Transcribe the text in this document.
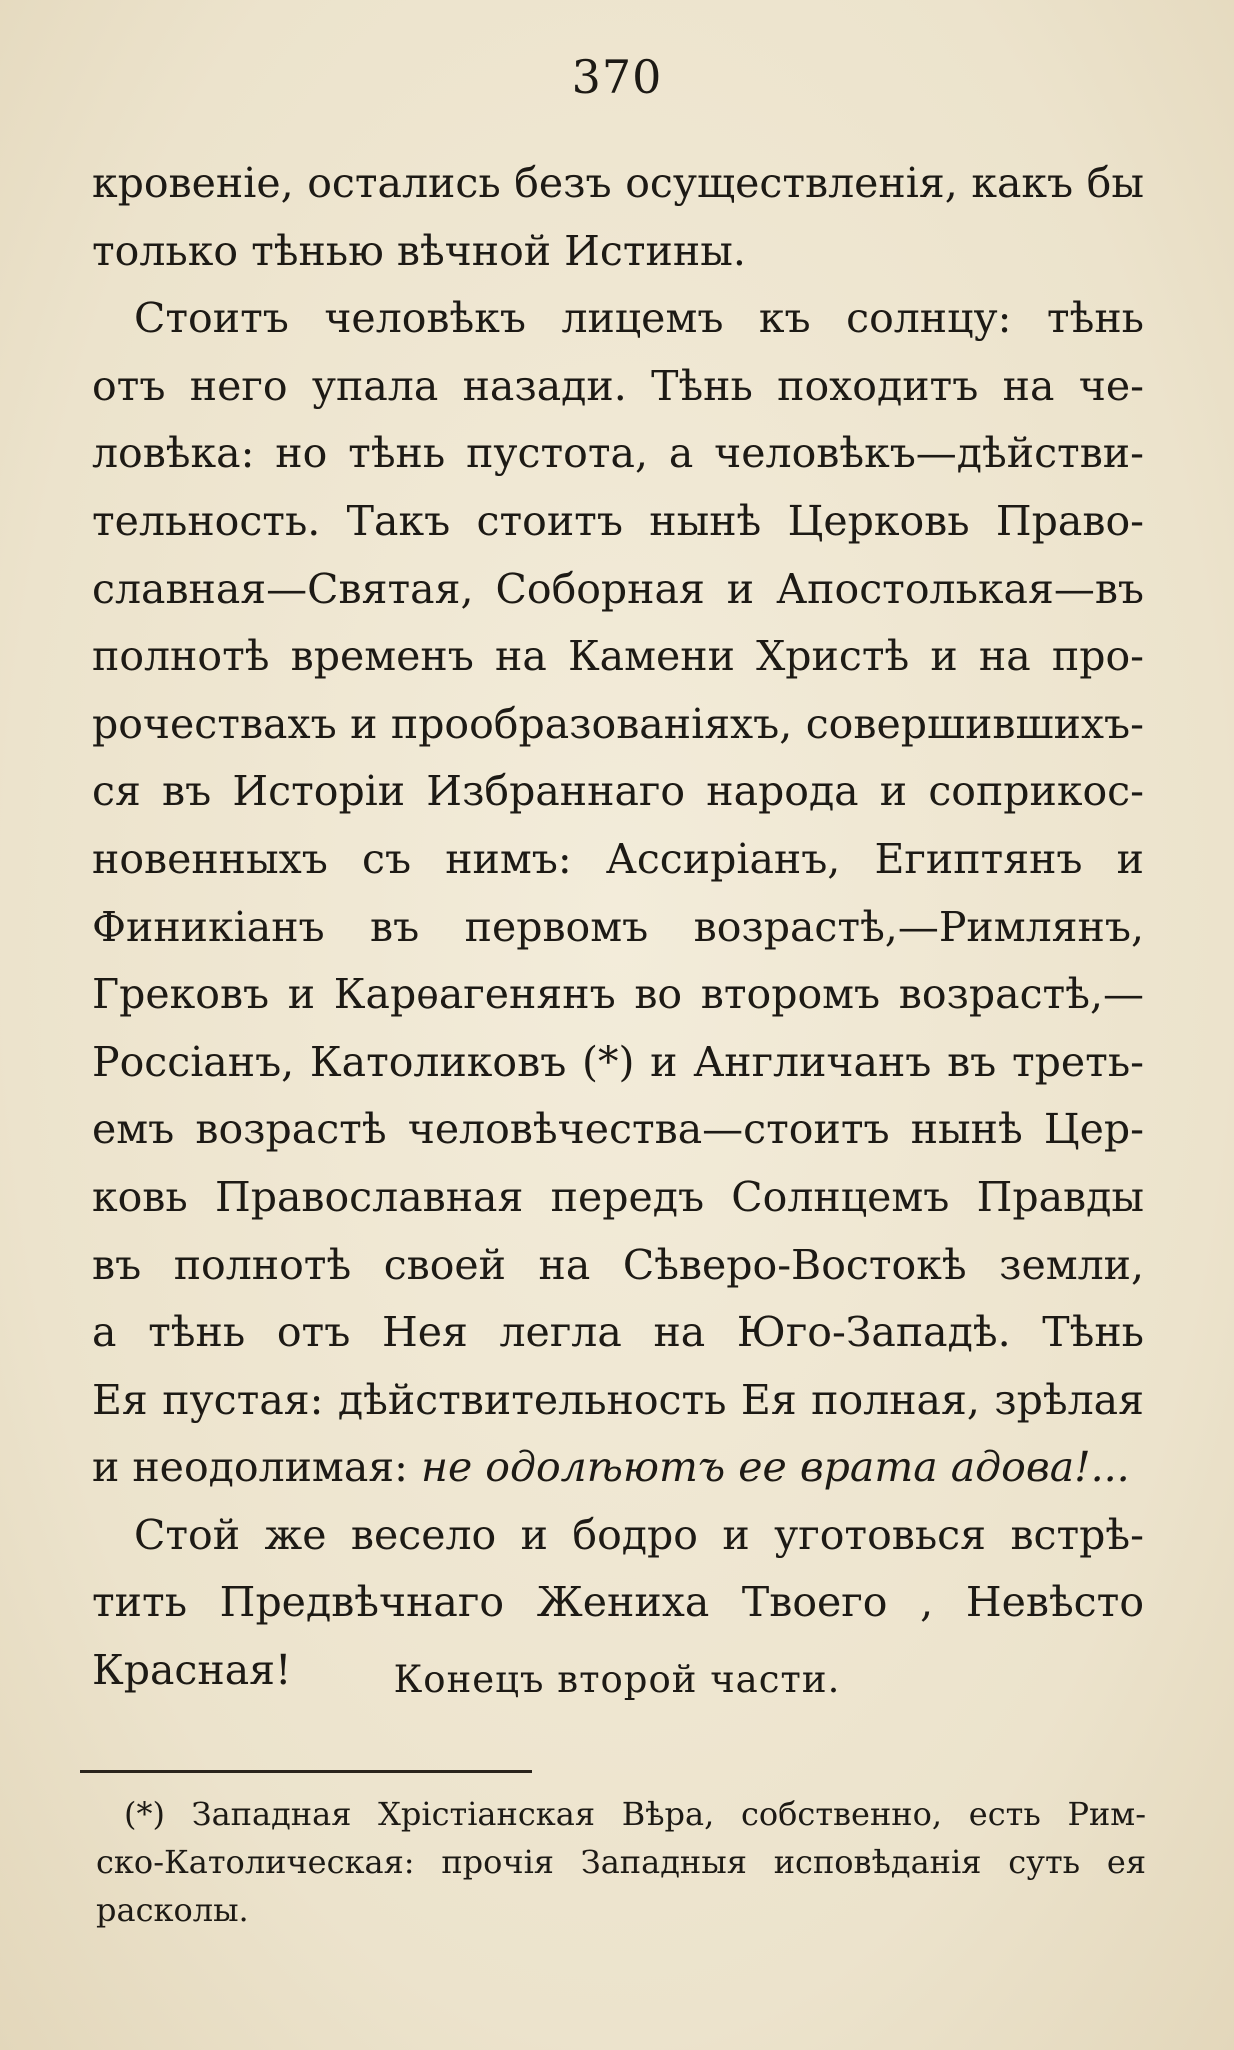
370
кровеніе, остались безъ осуществленія, какъ бы
только тѣнью вѣчной Истины.
Стоитъ человѣкъ лицемъ къ солнцу: тѣнь
отъ него упала назади. Тѣнь походитъ на че-
ловѣка: но тѣнь пустота, а человѣкъ—дѣйстви-
тельность. Такъ стоитъ нынѣ Церковь Право-
славная—Святая, Соборная и Апостолькая—въ
полнотѣ временъ на Камени Христѣ и на про-
рочествахъ и прообразованіяхъ, совершившихъ-
ся въ Исторіи Избраннаго народа и соприкос-
новенныхъ съ нимъ: Ассиріанъ, Египтянъ и
Финикіанъ въ первомъ возрастѣ,—Римлянъ,
Грековъ и Карѳагенянъ во второмъ возрастѣ,—
Россіанъ, Католиковъ (*) и Англичанъ въ треть-
емъ возрастѣ человѣчества—стоитъ нынѣ Цер-
ковь Православная передъ Солнцемъ Правды
въ полнотѣ своей на Сѣверо-Востокѣ земли,
а тѣнь отъ Нея легла на Юго-Западѣ. Тѣнь
Ея пустая: дѣйствительность Ея полная, зрѣлая
и неодолимая: не одолѣютъ ее врата адова!...
Стой же весело и бодро и уготовься встрѣ-
тить Предвѣчнаго Жениха Твоего , Невѣсто
Красная!	Конецъ второй части.
(*) Западная Хрістіанская Вѣра, собственно, есть Рим-
ско-Католическая: прочія Западныя исповѣданія суть ея
расколы.
